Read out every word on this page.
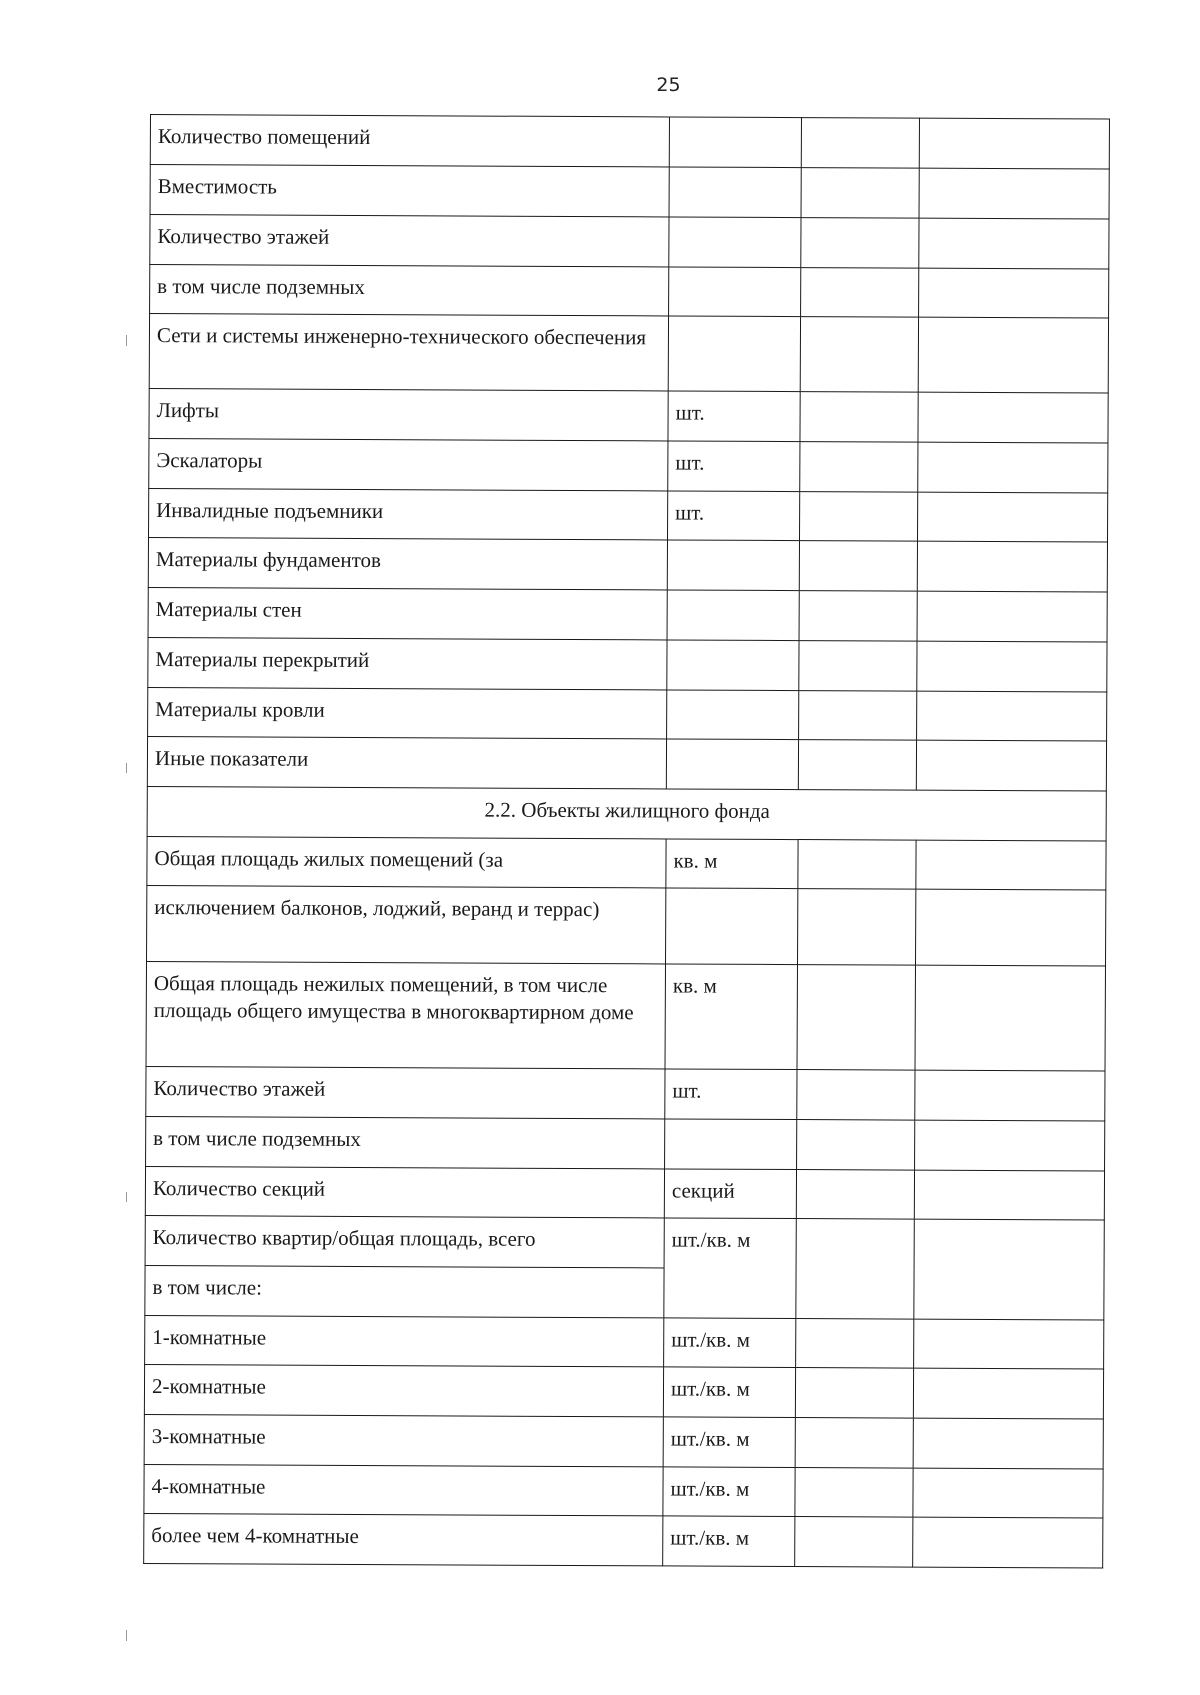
25
Количество помещений			
Вместимость			
Количество этажей			
в том числе подземных			
Сети и системы инженерно-технического обеспечения			
Лифты	шт.		
Эскалаторы	шт.		
Инвалидные подъемники	шт.		
Материалы фундаментов			
Материалы стен			
Материалы перекрытий			
Материалы кровли			
Иные показатели			
2.2. Объекты жилищного фонда			
Общая площадь жилых помещений (за	кв. м		
исключением балконов, лоджий, веранд и террас)			
Общая площадь нежилых помещений, в том числе площадь общего имущества в многоквартирном доме	кв. м		
Количество этажей	шт.		
в том числе подземных			
Количество секций	секций		
Количество квартир/общая площадь, всего	шт./кв. м		
в том числе:			
1-комнатные	шт./кв. м		
2-комнатные	шт./кв. м		
3-комнатные	шт./кв. м		
4-комнатные	шт./кв. м		
более чем 4-комнатные	шт./кв. м		
